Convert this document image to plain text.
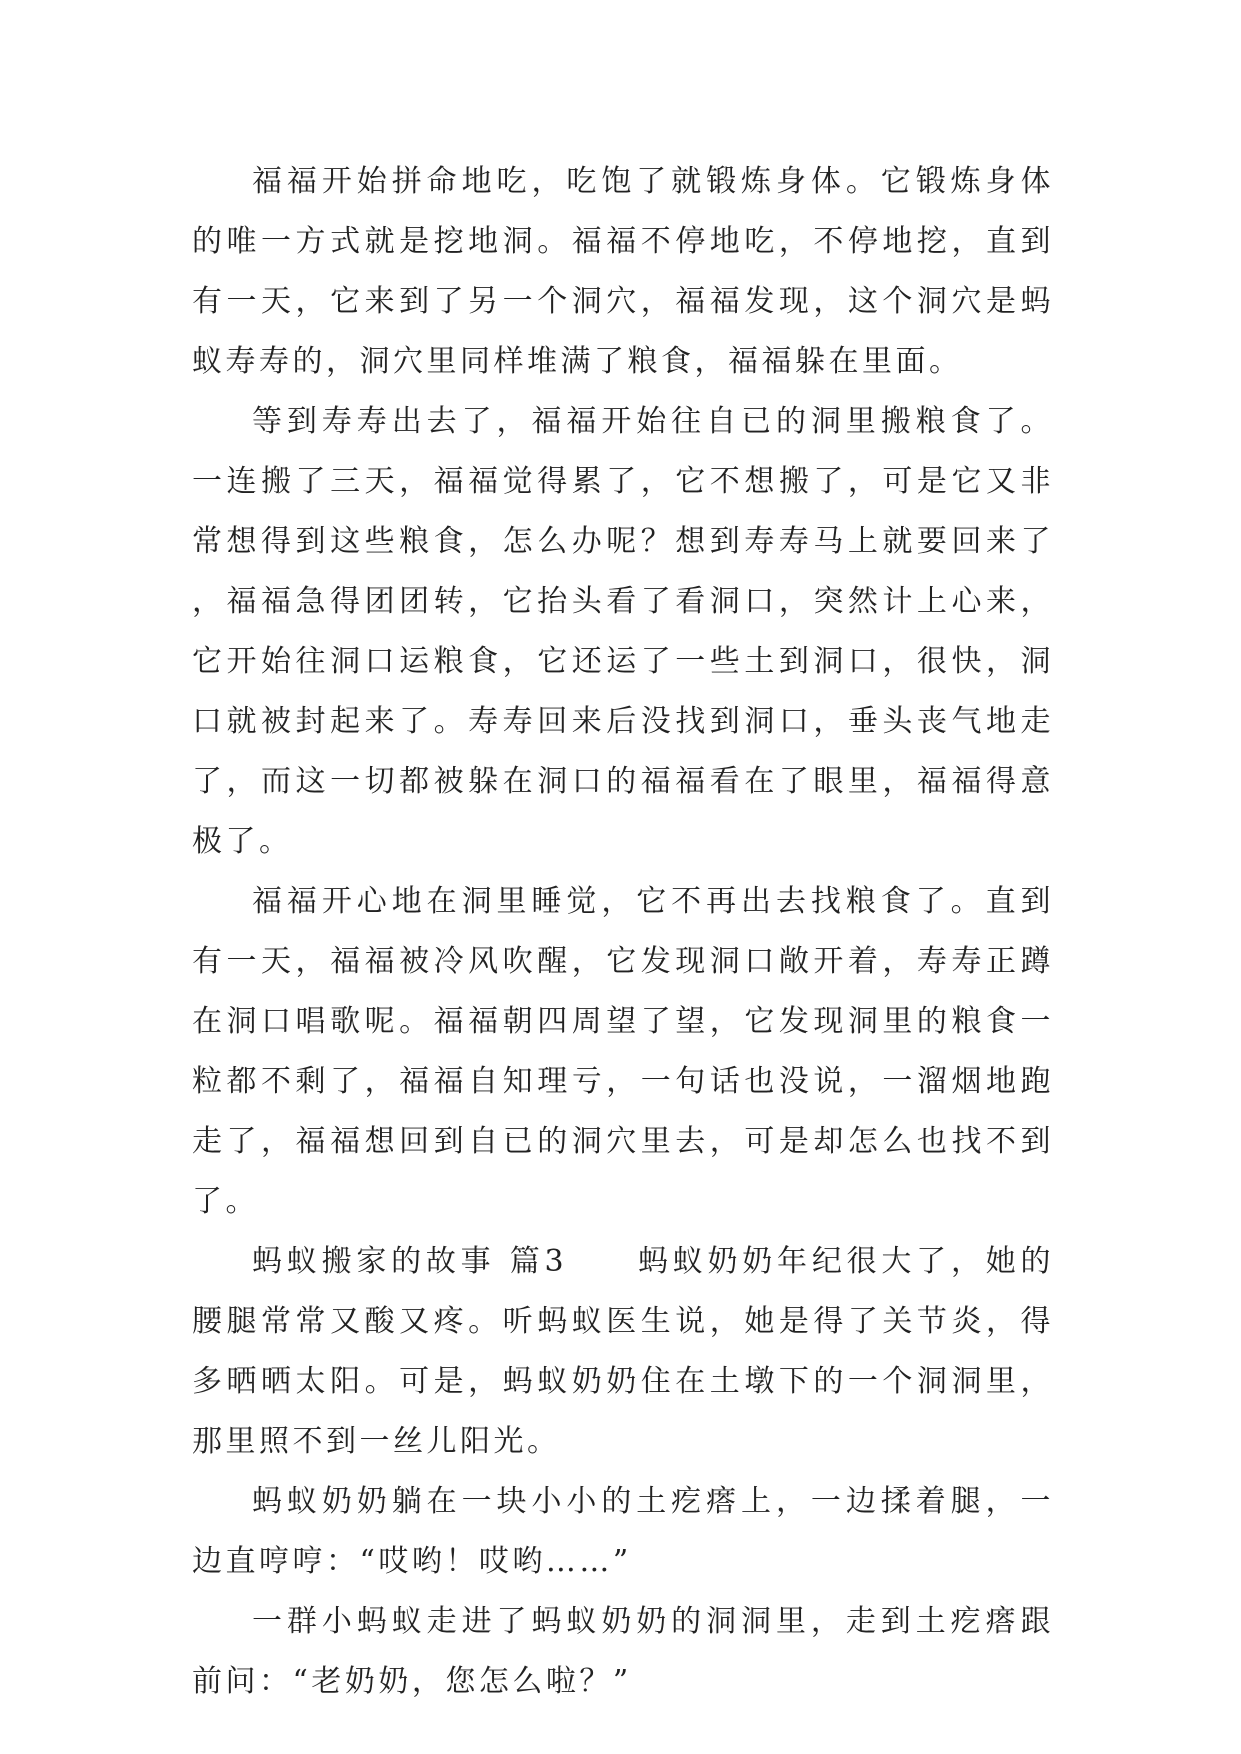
福福开始拼命地吃，吃饱了就锻炼身体。它锻炼身体的唯一方式就是挖地洞。福福不停地吃，不停地挖，直到有一天，它来到了另一个洞穴，福福发现，这个洞穴是蚂蚁寿寿的，洞穴里同样堆满了粮食，福福躲在里面。

等到寿寿出去了，福福开始往自已的洞里搬粮食了。一连搬了三天，福福觉得累了，它不想搬了，可是它又非常想得到这些粮食，怎么办呢？想到寿寿马上就要回来了，福福急得团团转，它抬头看了看洞口，突然计上心来，它开始往洞口运粮食，它还运了一些土到洞口，很快，洞口就被封起来了。寿寿回来后没找到洞口，垂头丧气地走了，而这一切都被躲在洞口的福福看在了眼里，福福得意极了。

福福开心地在洞里睡觉，它不再出去找粮食了。直到有一天，福福被冷风吹醒，它发现洞口敞开着，寿寿正蹲在洞口唱歌呢。福福朝四周望了望，它发现洞里的粮食一粒都不剩了，福福自知理亏，一句话也没说，一溜烟地跑走了，福福想回到自已的洞穴里去，可是却怎么也找不到了。

蚂蚁搬家的故事 篇3　　蚂蚁奶奶年纪很大了，她的腰腿常常又酸又疼。听蚂蚁医生说，她是得了关节炎，得多晒晒太阳。可是，蚂蚁奶奶住在土墩下的一个洞洞里，那里照不到一丝儿阳光。

蚂蚁奶奶躺在一块小小的土疙瘩上，一边揉着腿，一边直哼哼：“哎哟！哎哟……”

一群小蚂蚁走进了蚂蚁奶奶的洞洞里，走到土疙瘩跟前问：“老奶奶，您怎么啦？”
